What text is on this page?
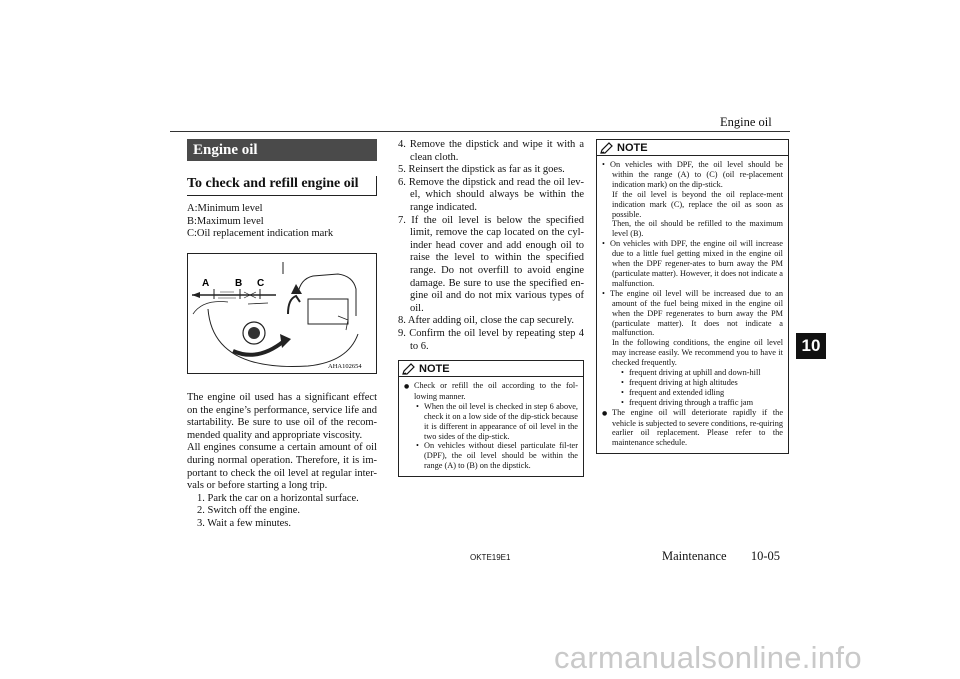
Engine oil
10
Engine oil
To check and refill engine oil
A:Minimum level
B:Maximum level
C:Oil replacement indication mark
A	B C
AHA102654
The engine oil used has a significant effect on the engine’s performance, service life and startability. Be sure to use oil of the recom-mended quality and appropriate viscosity.
All engines consume a certain amount of oil during normal operation. Therefore, it is im-portant to check the oil level at regular inter-vals or before starting a long trip.
1. Park the car on a horizontal surface.
2. Switch off the engine.
3. Wait a few minutes.
4. Remove the dipstick and wipe it with a clean cloth.
5. Reinsert the dipstick as far as it goes.
6. Remove the dipstick and read the oil lev-el, which should always be within the range indicated.
7. If the oil level is below the specified limit, remove the cap located on the cyl-inder head cover and add enough oil to raise the level to within the specified range. Do not overfill to avoid engine damage. Be sure to use the specified en-gine oil and do not mix various types of oil.
8. After adding oil, close the cap securely.
9. Confirm the oil level by repeating step 4 to 6.
NOTE
● Check or refill the oil according to the fol-lowing manner.
• When the oil level is checked in step 6 above, check it on a low side of the dip-stick because it is different in appearance of oil level in the two sides of the dip-stick.
• On vehicles without diesel particulate fil-ter (DPF), the oil level should be within the range (A) to (B) on the dipstick.
NOTE
• On vehicles with DPF, the oil level should be within the range (A) to (C) (oil re-placement indication mark) on the dip-stick.
If the oil level is beyond the oil replace-ment indication mark (C), replace the oil as soon as possible.
Then, the oil should be refilled to the maximum level (B).
• On vehicles with DPF, the engine oil will increase due to a little fuel getting mixed in the engine oil when the DPF regener-ates to burn away the PM (particulate matter). However, it does not indicate a malfunction.
• The engine oil level will be increased due to an amount of the fuel being mixed in the engine oil when the DPF regenerates to burn away the PM (particulate matter). It does not indicate a malfunction.
In the following conditions, the engine oil level may increase easily. We recommend you to have it checked frequently.
• frequent driving at uphill and down-hill
• frequent driving at high altitudes
• frequent and extended idling
• frequent driving through a traffic jam
● The engine oil will deteriorate rapidly if the vehicle is subjected to severe conditions, re-quiring earlier oil replacement. Please refer to the maintenance schedule.
OKTE19E1	Maintenance 10-05
carmanualsonline.info
